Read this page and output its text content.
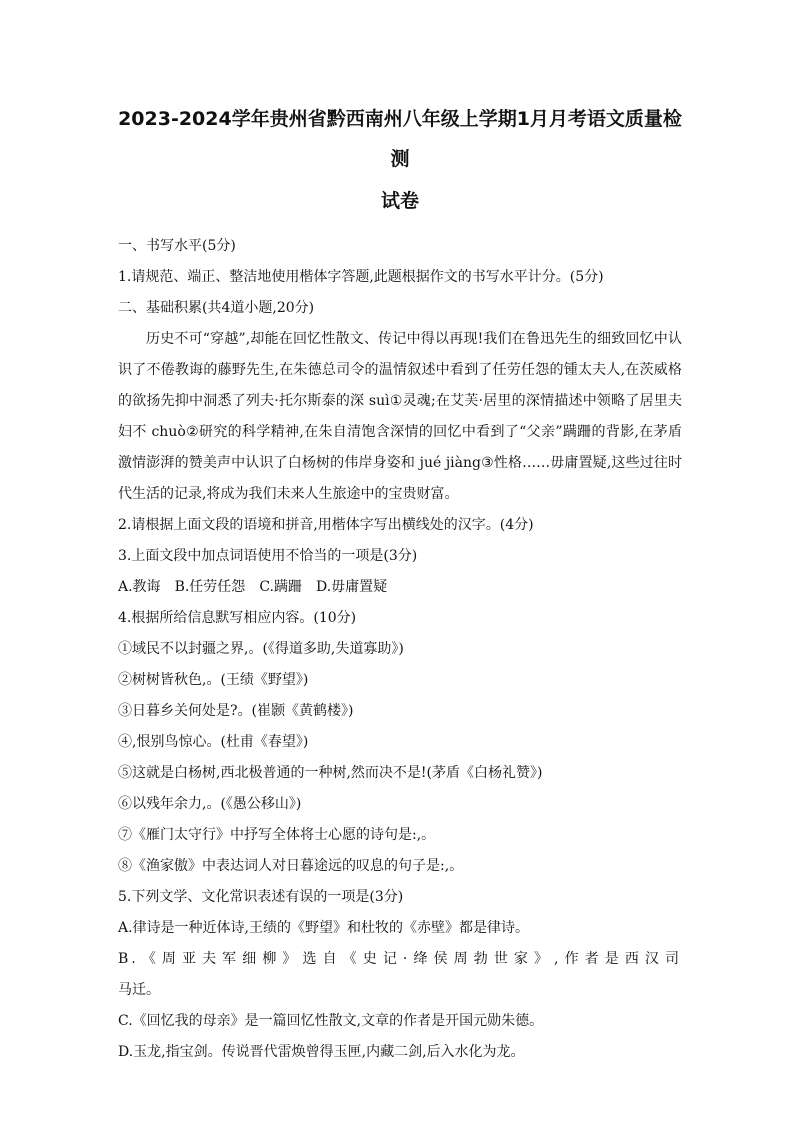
2023-2024学年贵州省黔西南州八年级上学期1月月考语文质量检测
试卷

一、书写水平(5分)

1.请规范、端正、整洁地使用楷体字答题,此题根据作文的书写水平计分。(5分)

二、基础积累(共4道小题,20分)

历史不可“穿越”,却能在回忆性散文、传记中得以再现!我们在鲁迅先生的细致回忆中认识了不倦教诲的藤野先生,在朱德总司令的温情叙述中看到了任劳任怨的锺太夫人,在茨威格的欲扬先抑中洞悉了列夫·托尔斯泰的深 suì①灵魂;在艾芙·居里的深情描述中领略了居里夫妇不 chuò②研究的科学精神,在朱自清饱含深情的回忆中看到了“父亲”蹒跚的背影,在茅盾激情澎湃的赞美声中认识了白杨树的伟岸身姿和 jué jiàng③性格……毋庸置疑,这些过往时代生活的记录,将成为我们未来人生旅途中的宝贵财富。

2.请根据上面文段的语境和拼音,用楷体字写出横线处的汉字。(4分)

3.上面文段中加点词语使用不恰当的一项是(3分)

A.教诲 B.任劳任怨 C.蹒跚 D.毋庸置疑

4.根据所给信息默写相应内容。(10分)

①域民不以封疆之界,。(《得道多助,失道寡助》)

②树树皆秋色,。(王绩《野望》)

③日暮乡关何处是?。(崔颢《黄鹤楼》)

④,恨别鸟惊心。(杜甫《春望》)

⑤这就是白杨树,西北极普通的一种树,然而决不是!(茅盾《白杨礼赞》)

⑥以残年余力,。(《愚公移山》)

⑦《雁门太守行》中抒写全体将士心愿的诗句是:,。

⑧《渔家傲》中表达词人对日暮途远的叹息的句子是:,。

5.下列文学、文化常识表述有误的一项是(3分)

A.律诗是一种近体诗,王绩的《野望》和杜牧的《赤壁》都是律诗。

B.《周亚夫军细柳》选自《史记·绛侯周勃世家》,作者是西汉司

马迁。

C.《回忆我的母亲》是一篇回忆性散文,文章的作者是开国元勋朱德。

D.玉龙,指宝剑。传说晋代雷焕曾得玉匣,内藏二剑,后入水化为龙。
